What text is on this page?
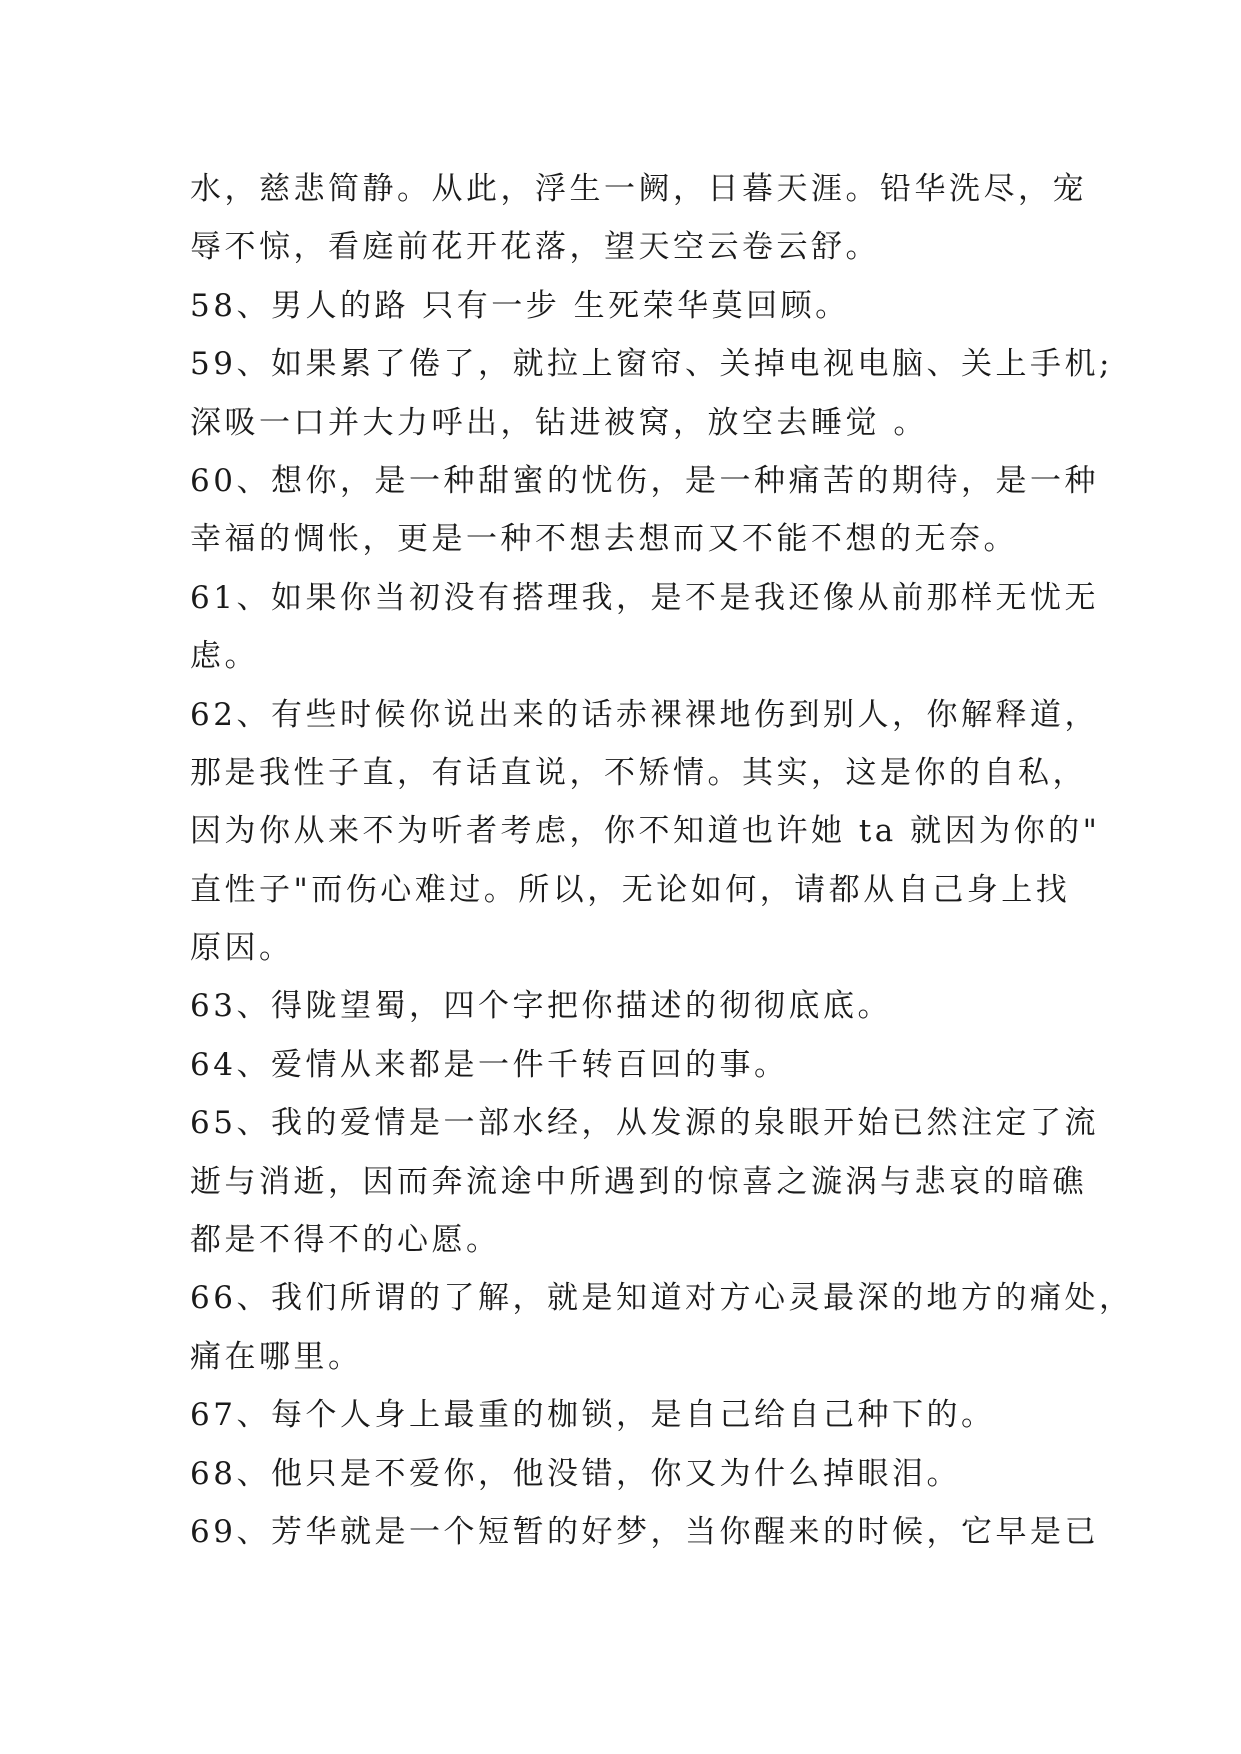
水，慈悲简静。从此，浮生一阙，日暮天涯。铅华洗尽，宠
辱不惊，看庭前花开花落，望天空云卷云舒。
58、男人的路 只有一步 生死荣华莫回顾。
59、如果累了倦了，就拉上窗帘、关掉电视电脑、关上手机;
深吸一口并大力呼出，钻进被窝，放空去睡觉 。
60、想你，是一种甜蜜的忧伤，是一种痛苦的期待，是一种
幸福的惆怅，更是一种不想去想而又不能不想的无奈。
61、如果你当初没有搭理我，是不是我还像从前那样无忧无
虑。
62、有些时候你说出来的话赤裸裸地伤到别人，你解释道，
那是我性子直，有话直说，不矫情。其实，这是你的自私，
因为你从来不为听者考虑，你不知道也许她 ta 就因为你的"
直性子"而伤心难过。所以，无论如何，请都从自己身上找
原因。
63、得陇望蜀，四个字把你描述的彻彻底底。
64、爱情从来都是一件千转百回的事。
65、我的爱情是一部水经，从发源的泉眼开始已然注定了流
逝与消逝，因而奔流途中所遇到的惊喜之漩涡与悲哀的暗礁
都是不得不的心愿。
66、我们所谓的了解，就是知道对方心灵最深的地方的痛处，
痛在哪里。
67、每个人身上最重的枷锁，是自己给自己种下的。
68、他只是不爱你，他没错，你又为什么掉眼泪。
69、芳华就是一个短暂的好梦，当你醒来的时候，它早是已
